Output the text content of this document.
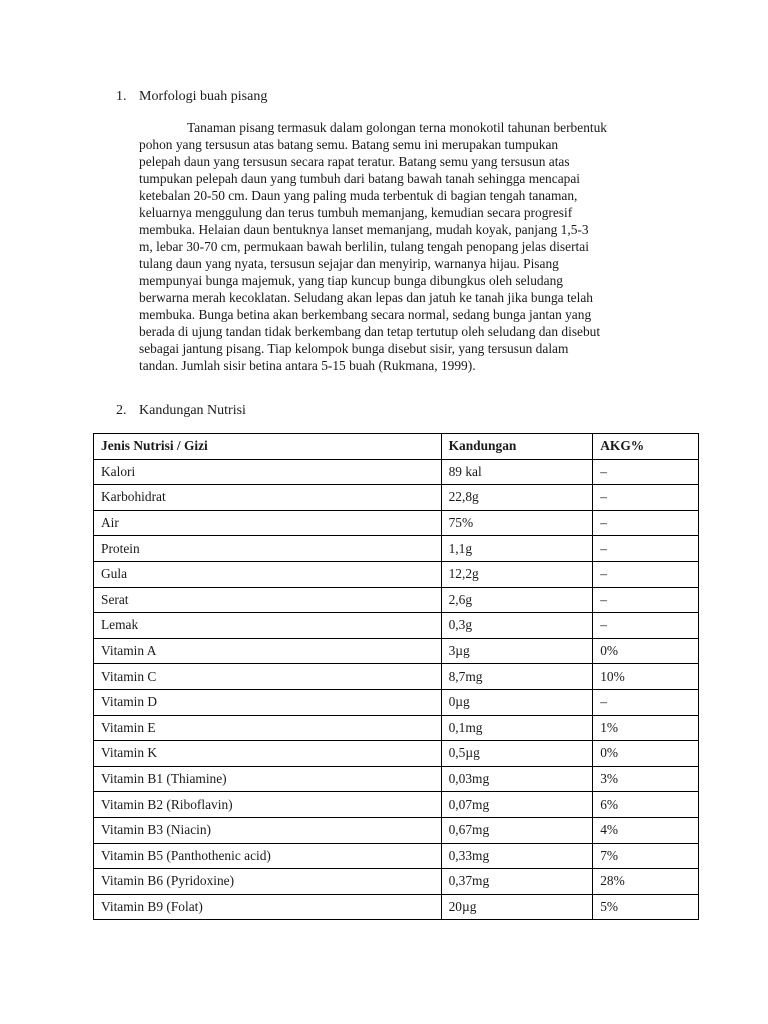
1. Morfologi buah pisang

Tanaman pisang termasuk dalam golongan terna monokotil tahunan berbentuk
pohon yang tersusun atas batang semu. Batang semu ini merupakan tumpukan
pelepah daun yang tersusun secara rapat teratur. Batang semu yang tersusun atas
tumpukan pelepah daun yang tumbuh dari batang bawah tanah sehingga mencapai
ketebalan 20-50 cm. Daun yang paling muda terbentuk di bagian tengah tanaman,
keluarnya menggulung dan terus tumbuh memanjang, kemudian secara progresif
membuka. Helaian daun bentuknya lanset memanjang, mudah koyak, panjang 1,5-3
m, lebar 30-70 cm, permukaan bawah berlilin, tulang tengah penopang jelas disertai
tulang daun yang nyata, tersusun sejajar dan menyirip, warnanya hijau. Pisang
mempunyai bunga majemuk, yang tiap kuncup bunga dibungkus oleh seludang
berwarna merah kecoklatan. Seludang akan lepas dan jatuh ke tanah jika bunga telah
membuka. Bunga betina akan berkembang secara normal, sedang bunga jantan yang
berada di ujung tandan tidak berkembang dan tetap tertutup oleh seludang dan disebut
sebagai jantung pisang. Tiap kelompok bunga disebut sisir, yang tersusun dalam
tandan. Jumlah sisir betina antara 5-15 buah (Rukmana, 1999).

2. Kandungan Nutrisi
Jenis Nutrisi / Gizi	Kandungan	AKG%
Kalori	89 kal	–
Karbohidrat	22,8g	–
Air	75%	–
Protein	1,1g	–
Gula	12,2g	–
Serat	2,6g	–
Lemak	0,3g	–
Vitamin A	3µg	0%
Vitamin C	8,7mg	10%
Vitamin D	0µg	–
Vitamin E	0,1mg	1%
Vitamin K	0,5µg	0%
Vitamin B1 (Thiamine)	0,03mg	3%
Vitamin B2 (Riboflavin)	0,07mg	6%
Vitamin B3 (Niacin)	0,67mg	4%
Vitamin B5 (Panthothenic acid)	0,33mg	7%
Vitamin B6 (Pyridoxine)	0,37mg	28%
Vitamin B9 (Folat)	20µg	5%
